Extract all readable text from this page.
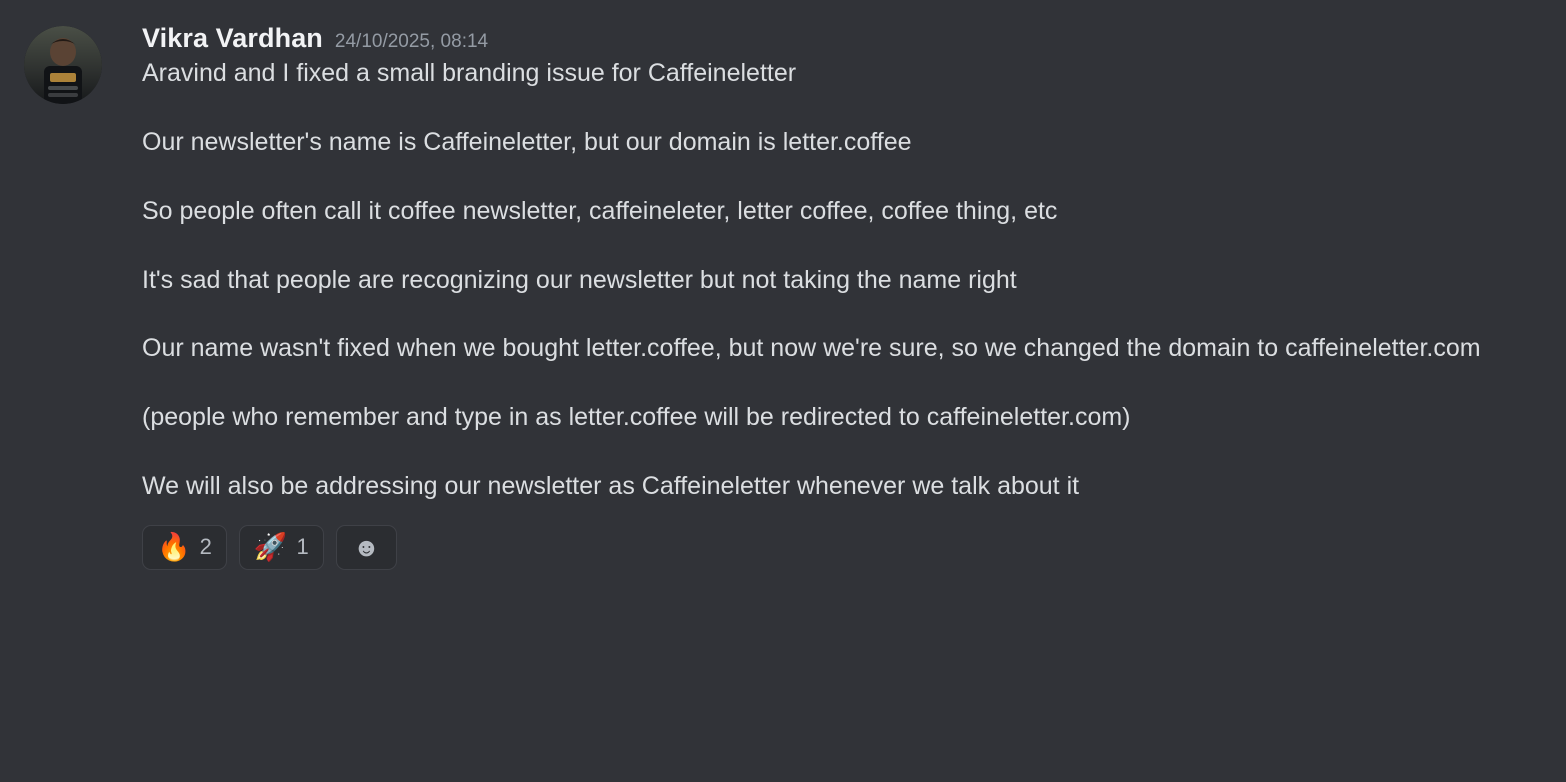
Vikra Vardhan 24/10/2025, 08:14

Aravind and I fixed a small branding issue for Caffeineletter

Our newsletter's name is Caffeineletter, but our domain is letter.coffee

So people often call it coffee newsletter, caffeineleter, letter coffee, coffee thing, etc

It's sad that people are recognizing our newsletter but not taking the name right

Our name wasn't fixed when we bought letter.coffee, but now we're sure, so we changed the domain to caffeineletter.com

(people who remember and type in as letter.coffee will be redirected to caffeineletter.com)

We will also be addressing our newsletter as Caffeineletter whenever we talk about it

🔥 2 🚀 1 ☻
